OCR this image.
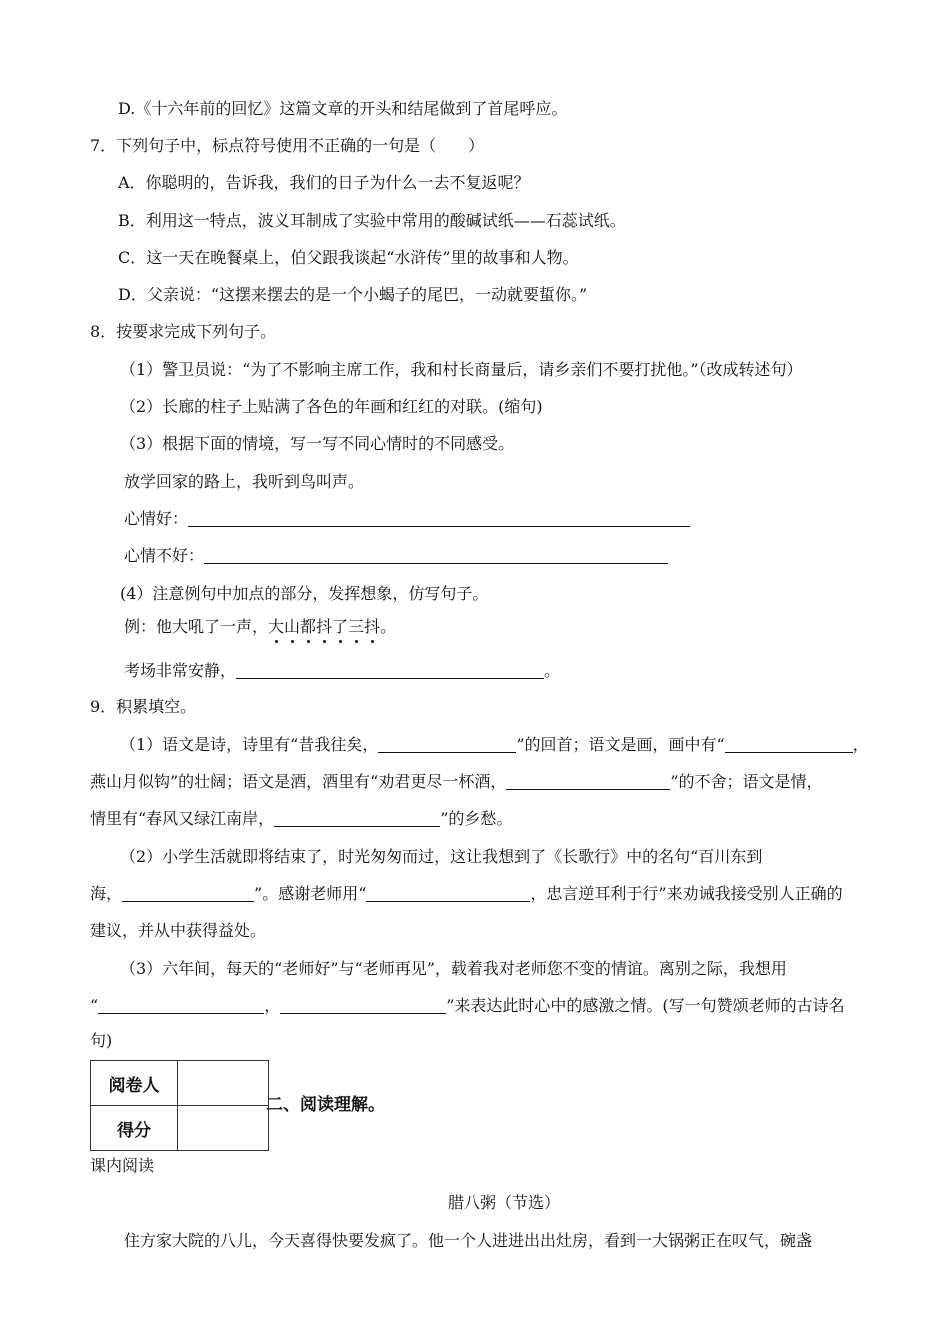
D.《十六年前的回忆》这篇文章的开头和结尾做到了首尾呼应。
7．下列句子中，标点符号使用不正确的一句是（　　）
A．你聪明的，告诉我，我们的日子为什么一去不复返呢？
B．利用这一特点，波义耳制成了实验中常用的酸碱试纸——石蕊试纸。
C．这一天在晚餐桌上，伯父跟我谈起“水浒传”里的故事和人物。
D．父亲说：“这摆来摆去的是一个小蝎子的尾巴，一动就要蜇你。”
8．按要求完成下列句子。
（1）警卫员说：“为了不影响主席工作，我和村长商量后，请乡亲们不要打扰他。”（改成转述句）
（2）长廊的柱子上贴满了各色的年画和红红的对联。(缩句)
（3）根据下面的情境，写一写不同心情时的不同感受。
放学回家的路上，我听到鸟叫声。
心情好：
心情不好：
(4）注意例句中加点的部分，发挥想象，仿写句子。
例：他大吼了一声，大
山
都
抖
了
三
抖
。
考场非常安静，	。
9．积累填空。
（1）语文是诗，诗里有“昔我往矣，	”的回首；语文是画，画中有“	，
燕山月似钩”的壮阔；语文是酒，酒里有“劝君更尽一杯酒，	”的不舍；语文是情，
情里有“春风又绿江南岸，	”的乡愁。
（2）小学生活就即将结束了，时光匆匆而过，这让我想到了《长歌行》中的名句“百川东到
海，	”。感谢老师用“	，忠言逆耳利于行”来劝诫我接受别人正确的
建议，并从中获得益处。
（3）六年间，每天的“老师好”与“老师再见”，载着我对老师您不变的情谊。离别之际，我想用
“	，	”来表达此时心中的感激之情。(写一句赞颂老师的古诗名
句)
阅卷人	
得分	
二、阅读理解。
课内阅读
腊八粥（节选）
住方家大院的八儿，今天喜得快要发疯了。他一个人进进出出灶房，看到一大锅粥正在叹气，碗盏
